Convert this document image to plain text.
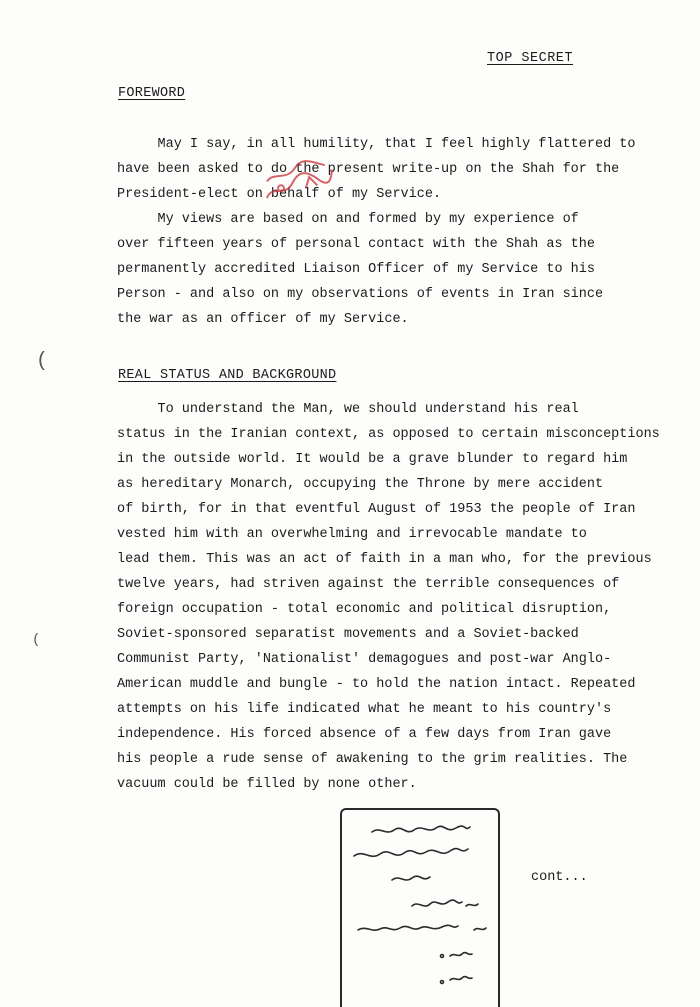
TOP SECRET
FOREWORD

May I say, in all humility, that I feel highly flattered to
have been asked to do the present write-up on the Shah for the
President-elect on behalf of my Service.

My views are based on and formed by my experience of
over fifteen years of personal contact with the Shah as the
permanently accredited Liaison Officer of my Service to his
Person - and also on my observations of events in Iran since
the war as an officer of my Service.

REAL STATUS AND BACKGROUND

To understand the Man, we should understand his real
status in the Iranian context, as opposed to certain misconceptions
in the outside world. It would be a grave blunder to regard him
as hereditary Monarch, occupying the Throne by mere accident
of birth, for in that eventful August of 1953 the people of Iran
vested him with an overwhelming and irrevocable mandate to
lead them. This was an act of faith in a man who, for the previous
twelve years, had striven against the terrible consequences of
foreign occupation - total economic and political disruption,
Soviet-sponsored separatist movements and a Soviet-backed
Communist Party, 'Nationalist' demagogues and post-war Anglo-
American muddle and bungle - to hold the nation intact. Repeated
attempts on his life indicated what he meant to his country's
independence. His forced absence of a few days from Iran gave
his people a rude sense of awakening to the grim realities. The
vacuum could be filled by none other.

cont...
(
(
